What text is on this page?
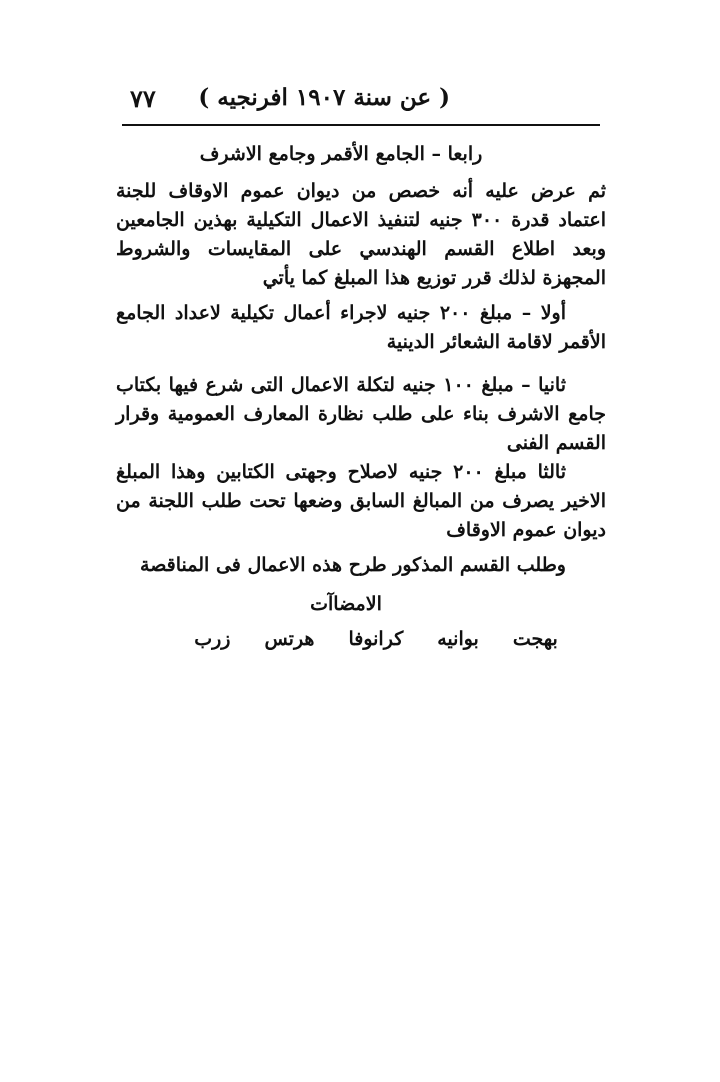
( عن سنة ١٩٠٧ افرنجيه )
٧٧
رابعا – الجامع الأقمر وجامع الاشرف

ثم عرض عليه أنه خصص من ديوان عموم الاوقاف للجنة اعتماد قدرة ٣٠٠ جنيه لتنفيذ الاعمال التكيلية بهذين الجامعين وبعد اطلاع القسم الهندسي على المقايسات والشروط المجهزة لذلك قرر توزيع هذا المبلغ كما يأتي

أولا – مبلغ ٢٠٠ جنيه لاجراء أعمال تكيلية لاعداد الجامع الأقمر لاقامة الشعائر الدينية

ثانيا – مبلغ ١٠٠ جنيه لتكلة الاعمال التى شرع فيها بكتاب جامع الاشرف بناء على طلب نظارة المعارف العمومية وقرار القسم الفنى

ثالثا مبلغ ٢٠٠ جنيه لاصلاح وجهتى الكتابين وهذا المبلغ الاخير يصرف من المبالغ السابق وضعها تحت طلب اللجنة من ديوان عموم الاوقاف

وطلب القسم المذكور طرح هذه الاعمال فى المناقصة

الامضاآت
بهجت
بوانيه
كرانوفا
هرتس
زرب
